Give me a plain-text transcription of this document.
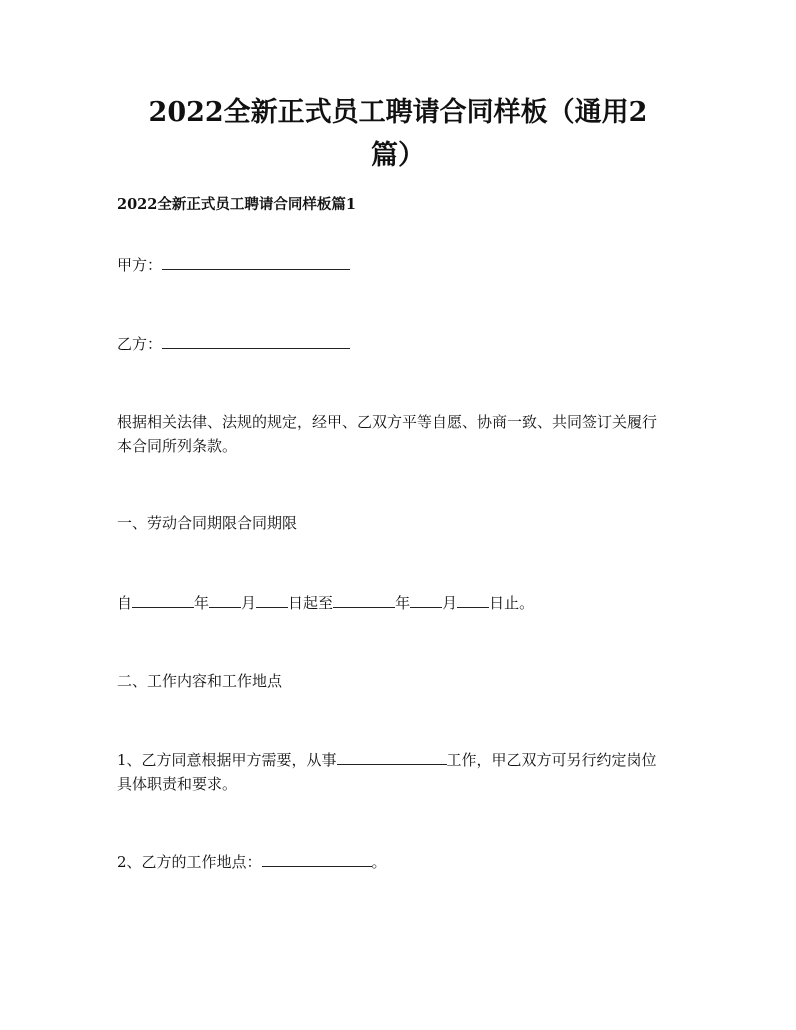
2022全新正式员工聘请合同样板（通用2
篇）
2022全新正式员工聘请合同样板篇1
甲方：
乙方：
根据相关法律、法规的规定，经甲、乙双方平等自愿、协商一致、共同签订关履行
本合同所列条款。
一、劳动合同期限合同期限
自	年 月 日起至	年 月 日止。
二、工作内容和工作地点
1、乙方同意根据甲方需要，从事	工作，甲乙双方可另行约定岗位
具体职责和要求。
2、乙方的工作地点：	。
